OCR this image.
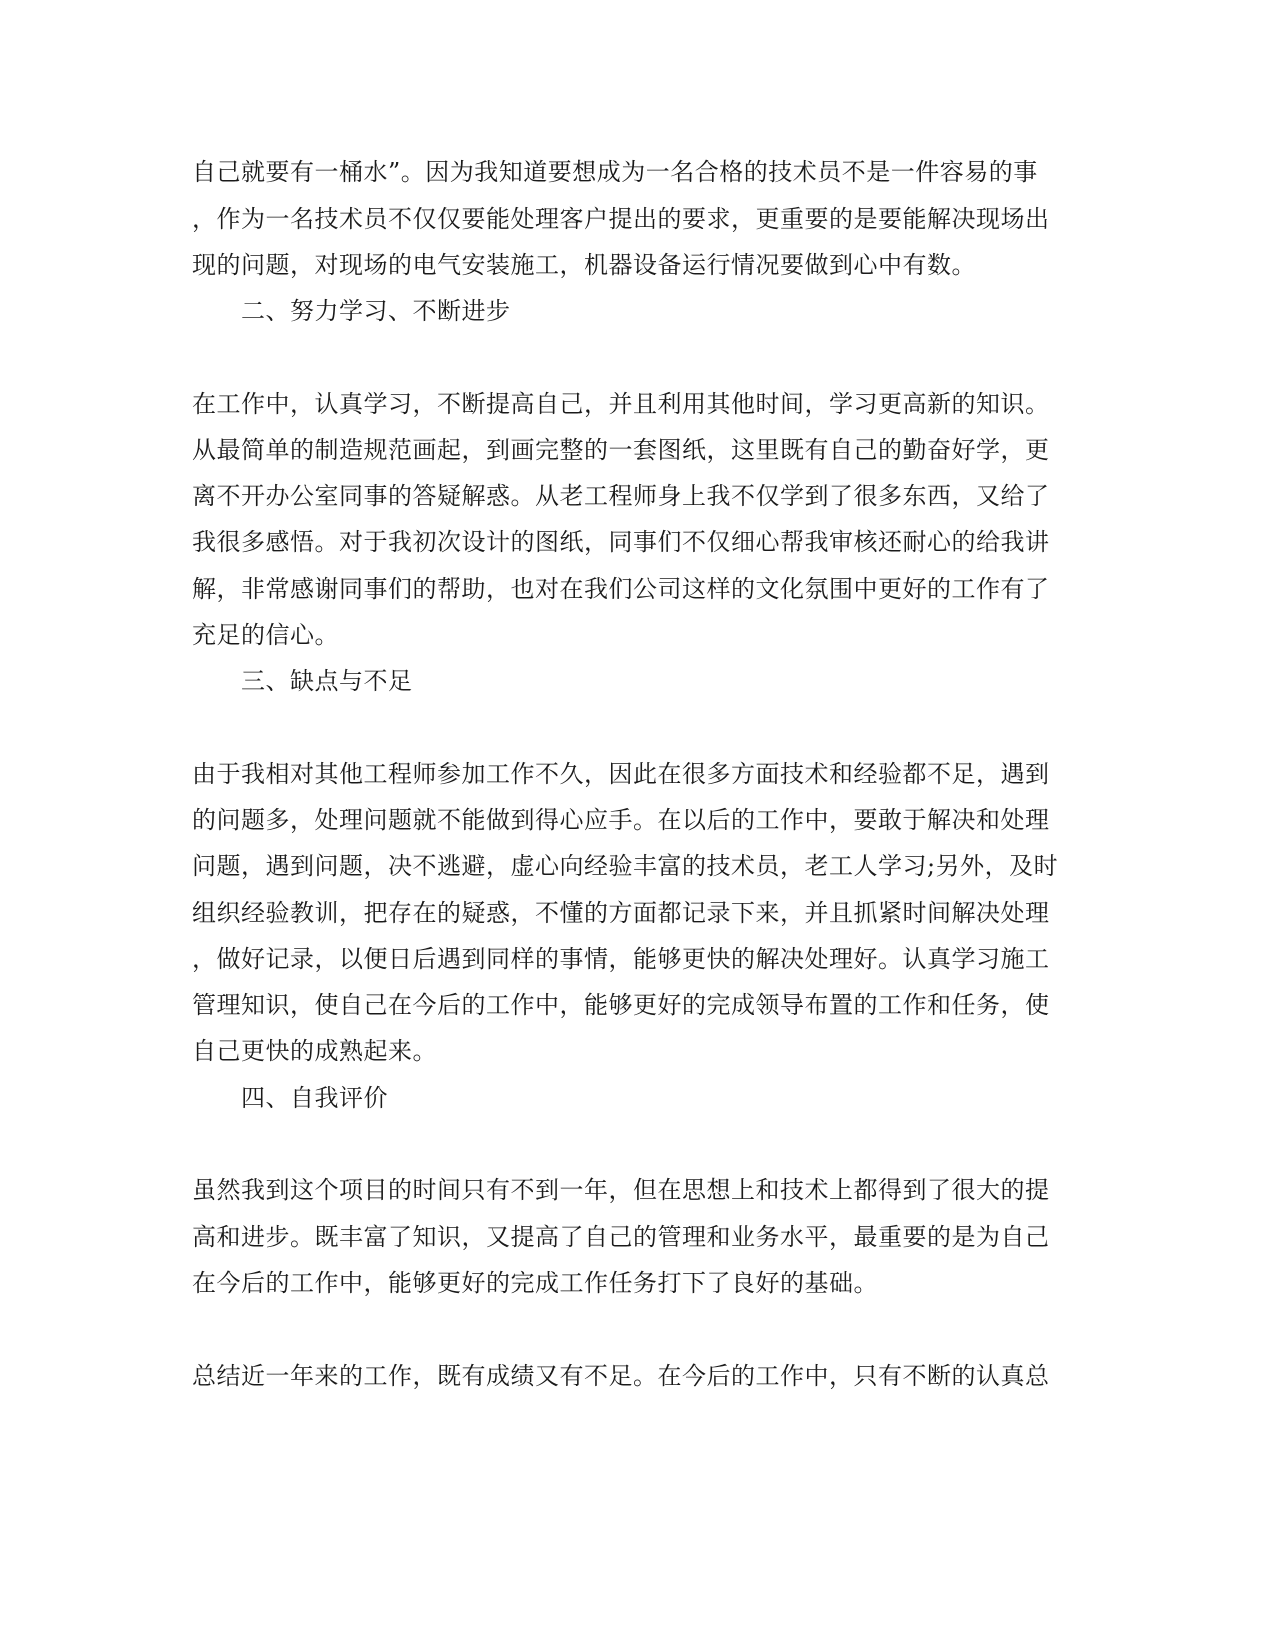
自己就要有一桶水”。因为我知道要想成为一名合格的技术员不是一件容易的事
，作为一名技术员不仅仅要能处理客户提出的要求，更重要的是要能解决现场出
现的问题，对现场的电气安装施工，机器设备运行情况要做到心中有数。
二、努力学习、不断进步
在工作中，认真学习，不断提高自己，并且利用其他时间，学习更高新的知识。
从最简单的制造规范画起，到画完整的一套图纸，这里既有自己的勤奋好学，更
离不开办公室同事的答疑解惑。从老工程师身上我不仅学到了很多东西，又给了
我很多感悟。对于我初次设计的图纸，同事们不仅细心帮我审核还耐心的给我讲
解，非常感谢同事们的帮助，也对在我们公司这样的文化氛围中更好的工作有了
充足的信心。
三、缺点与不足
由于我相对其他工程师参加工作不久，因此在很多方面技术和经验都不足，遇到
的问题多，处理问题就不能做到得心应手。在以后的工作中，要敢于解决和处理
问题，遇到问题，决不逃避，虚心向经验丰富的技术员，老工人学习;另外，及时
组织经验教训，把存在的疑惑，不懂的方面都记录下来，并且抓紧时间解决处理
，做好记录，以便日后遇到同样的事情，能够更快的解决处理好。认真学习施工
管理知识，使自己在今后的工作中，能够更好的完成领导布置的工作和任务，使
自己更快的成熟起来。
四、自我评价
虽然我到这个项目的时间只有不到一年，但在思想上和技术上都得到了很大的提
高和进步。既丰富了知识，又提高了自己的管理和业务水平，最重要的是为自己
在今后的工作中，能够更好的完成工作任务打下了良好的基础。
总结近一年来的工作，既有成绩又有不足。在今后的工作中，只有不断的认真总
